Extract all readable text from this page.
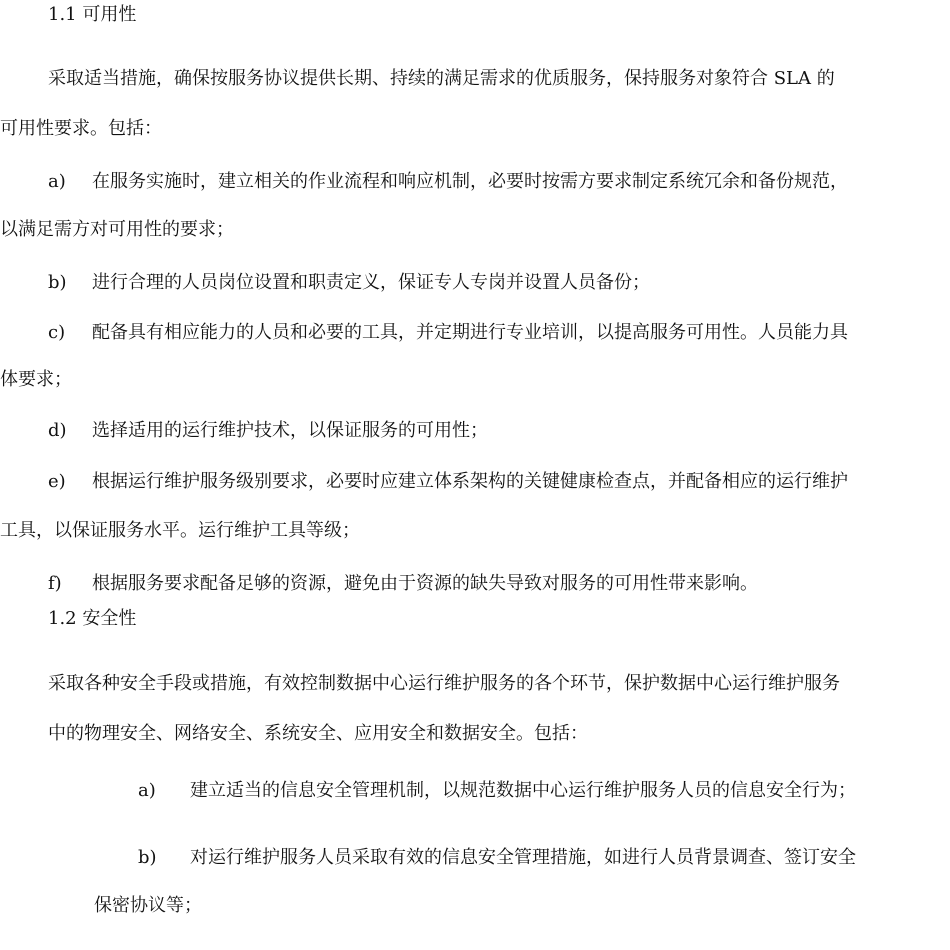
1.1 可用性

采取适当措施，确保按服务协议提供长期、持续的满足需求的优质服务，保持服务对象符合 SLA 的

可用性要求。包括：

a) 在服务实施时，建立相关的作业流程和响应机制，必要时按需方要求制定系统冗余和备份规范，

以满足需方对可用性的要求；

b) 进行合理的人员岗位设置和职责定义，保证专人专岗并设置人员备份；

c) 配备具有相应能力的人员和必要的工具，并定期进行专业培训，以提高服务可用性。人员能力具

体要求；

d) 选择适用的运行维护技术，以保证服务的可用性；

e) 根据运行维护服务级别要求，必要时应建立体系架构的关键健康检查点，并配备相应的运行维护

工具，以保证服务水平。运行维护工具等级；

f) 根据服务要求配备足够的资源，避免由于资源的缺失导致对服务的可用性带来影响。

1.2 安全性

采取各种安全手段或措施，有效控制数据中心运行维护服务的各个环节，保护数据中心运行维护服务

中的物理安全、网络安全、系统安全、应用安全和数据安全。包括：

a) 建立适当的信息安全管理机制，以规范数据中心运行维护服务人员的信息安全行为；

b) 对运行维护服务人员采取有效的信息安全管理措施，如进行人员背景调查、签订安全

保密协议等；
